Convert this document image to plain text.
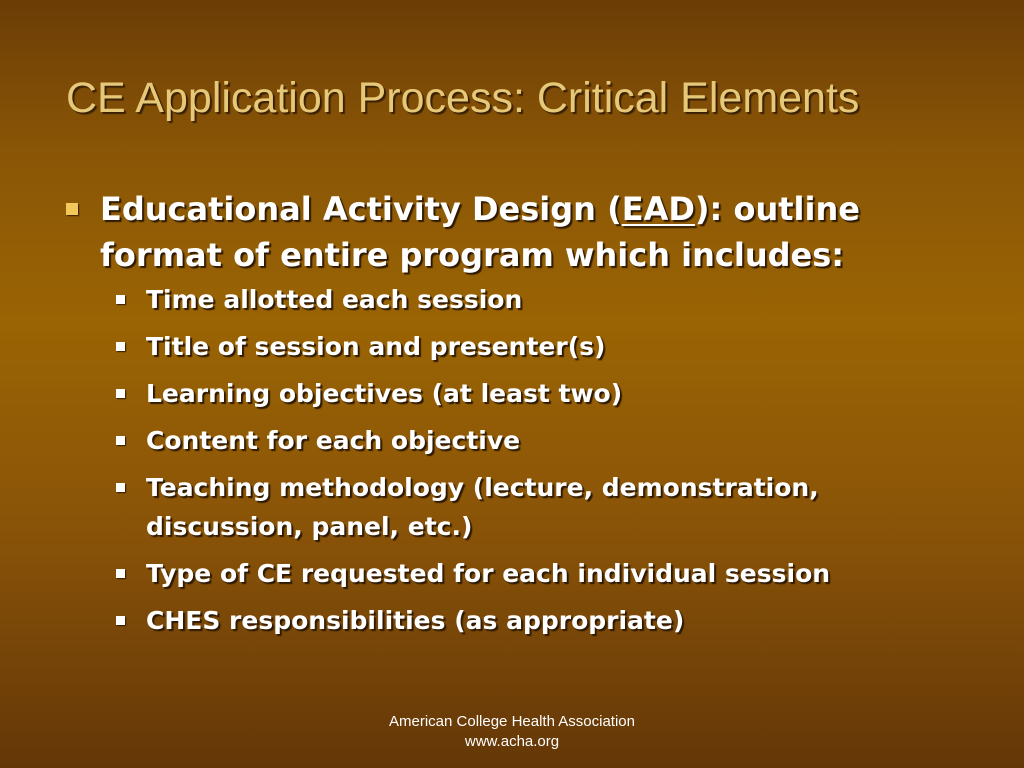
CE Application Process: Critical Elements

Educational Activity Design (EAD): outline format of entire program which includes:

Time allotted each session
Title of session and presenter(s)
Learning objectives (at least two)
Content for each objective
Teaching methodology (lecture, demonstration, discussion, panel, etc.)
Type of CE requested for each individual session
CHES responsibilities (as appropriate)
American College Health Association
www.acha.org
